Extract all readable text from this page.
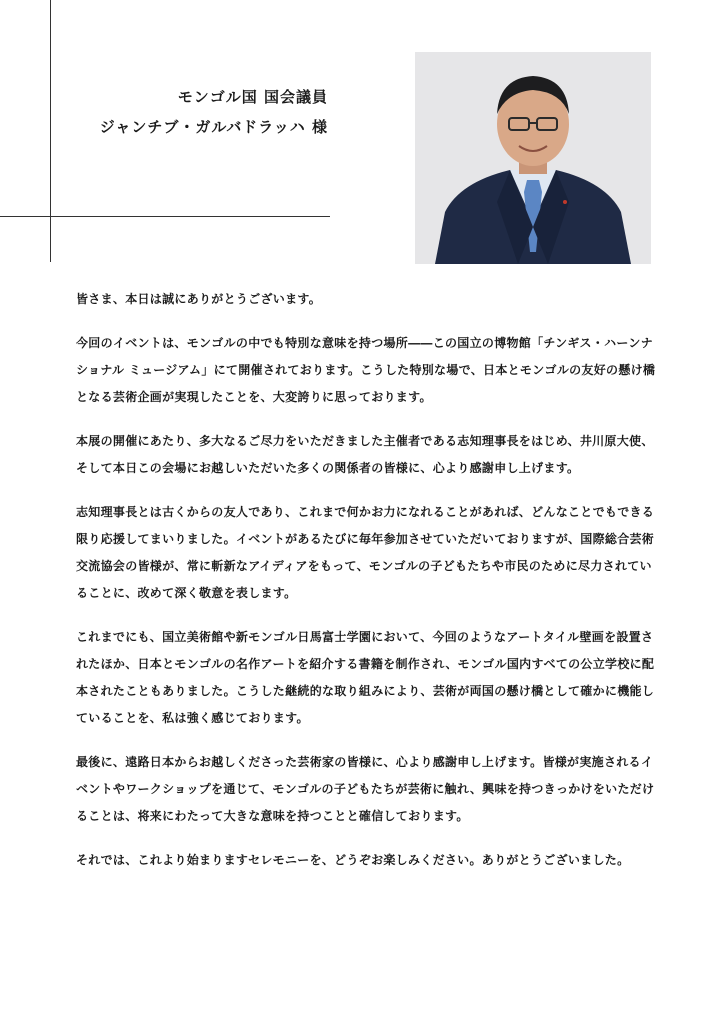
モンゴル国 国会議員
ジャンチブ・ガルバドラッハ 様

皆さま、本日は誠にありがとうございます。

今回のイベントは、モンゴルの中でも特別な意味を持つ場所――この国立の博物館「チンギス・ハーンナショナル ミュージアム」にて開催されております。こうした特別な場で、日本とモンゴルの友好の懸け橋となる芸術企画が実現したことを、大変誇りに思っております。

本展の開催にあたり、多大なるご尽力をいただきました主催者である志知理事長をはじめ、井川原大使、そして本日この会場にお越しいただいた多くの関係者の皆様に、心より感謝申し上げます。

志知理事長とは古くからの友人であり、これまで何かお力になれることがあれば、どんなことでもできる限り応援してまいりました。イベントがあるたびに毎年参加させていただいておりますが、国際総合芸術交流協会の皆様が、常に斬新なアイディアをもって、モンゴルの子どもたちや市民のために尽力されていることに、改めて深く敬意を表します。

これまでにも、国立美術館や新モンゴル日馬富士学園において、今回のようなアートタイル壁画を設置されたほか、日本とモンゴルの名作アートを紹介する書籍を制作され、モンゴル国内すべての公立学校に配本されたこともありました。こうした継続的な取り組みにより、芸術が両国の懸け橋として確かに機能していることを、私は強く感じております。

最後に、遠路日本からお越しくださった芸術家の皆様に、心より感謝申し上げます。皆様が実施されるイベントやワークショップを通じて、モンゴルの子どもたちが芸術に触れ、興味を持つきっかけをいただけることは、将来にわたって大きな意味を持つことと確信しております。

それでは、これより始まりますセレモニーを、どうぞお楽しみください。ありがとうございました。
